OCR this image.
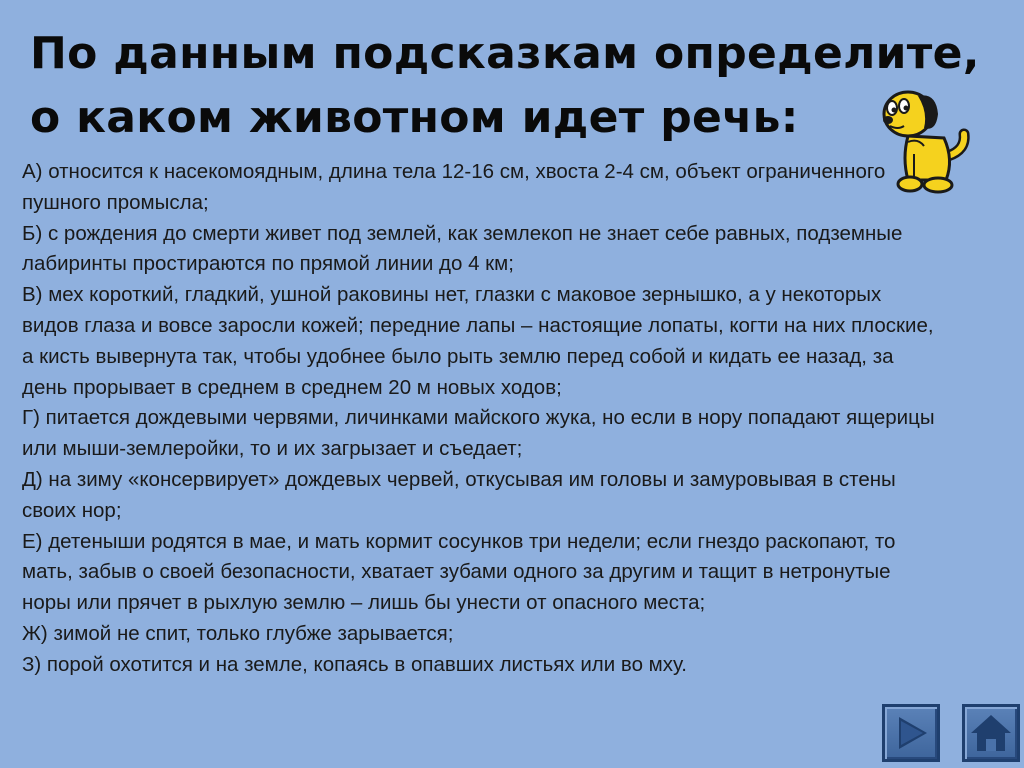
По данным подсказкам определите, о каком животном идет речь:

А) относится к насекомоядным, длина тела 12-16 см, хвоста 2-4 см, объект ограниченного пушного промысла;

Б) с рождения до смерти живет под землей, как землекоп не знает себе равных, подземные лабиринты простираются по прямой линии до 4 км;

В) мех короткий, гладкий, ушной раковины нет, глазки с маковое зернышко, а у некоторых видов глаза и вовсе заросли кожей; передние лапы – настоящие лопаты, когти на них плоские, а кисть вывернута так, чтобы удобнее было рыть землю перед собой и кидать ее назад, за день прорывает в среднем в среднем 20 м новых ходов;

Г) питается дождевыми червями, личинками майского жука, но если в нору попадают ящерицы или мыши-землеройки, то и их загрызает и съедает;

Д) на зиму «консервирует» дождевых червей, откусывая им головы и замуровывая в стены своих нор;

Е) детеныши родятся в мае, и мать кормит сосунков три недели; если гнездо раскопают, то мать, забыв о своей безопасности, хватает зубами одного за другим и тащит в нетронутые норы или прячет в рыхлую землю – лишь бы унести от опасного места;

Ж) зимой не спит, только глубже зарывается;

З) порой охотится и на земле, копаясь в опавших листьях или во мху.
